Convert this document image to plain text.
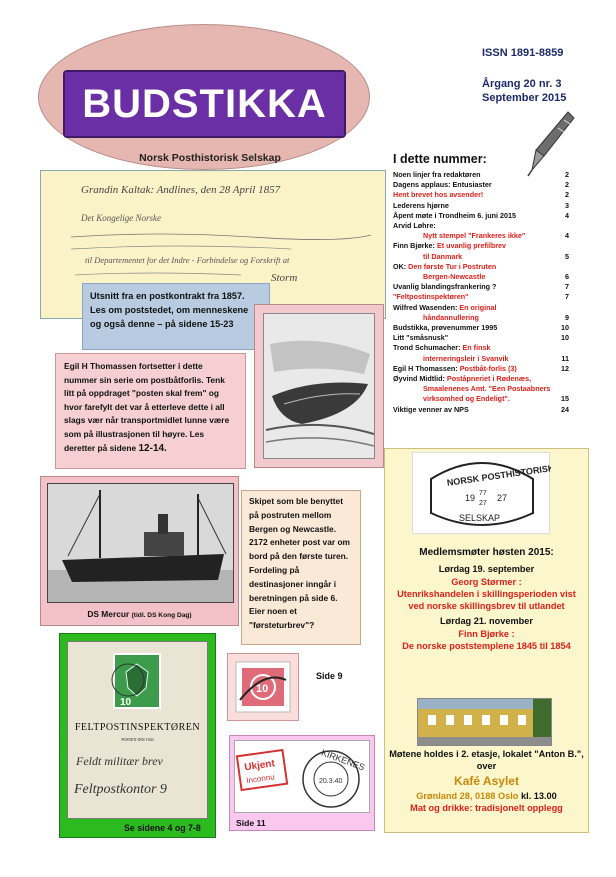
BUDSTIKKA
Norsk Posthistorisk Selskap
ISSN 1891-8859
Årgang 20 nr. 3
September 2015
I dette nummer:
Noen linjer fra redaktøren	2
Dagens applaus: Entusiaster	2
Hent brevet hos avsender!	2
Lederens hjørne	3
Åpent møte i Trondheim 6. juni 2015	4
Arvid Løhre:
Nytt stempel "Frankeres ikke"	4
Finn Bjørke: Et uvanlig prefilbrev
til Danmark	5
OK: Den første Tur i Postruten
Bergen-Newcastle	6
Uvanlig blandingsfrankering ?	7
"Feltpostinspektøren"	7
Wilfred Wasenden: En original
håndannullering	9
Budstikka, prøvenummer 1995	10
Litt "småsnusk"	10
Trond Schumacher: En finsk
interneringsleir i Svanvik	11
Egil H Thomassen: Postbåt-forlis (3)	12
Øyvind Midtlid: Poståpneriet i Rødenæs,
Smaalenenes Amt. "Een Postaabners
virksomhed og Endeligt".	15
Viktige venner av NPS	24
Grandin Kaltak: Andlines, den 28 April 1857
Det Kongelige Norske
til Departementet for det Indre - Forbindelse og Forskrift at
Storm
Utsnitt fra en postkontrakt fra 1857. Les om poststedet, om menneskene og også denne – på sidene 15-23
Egil H Thomassen fortsetter i dette nummer sin serie om postbåtforlis. Tenk litt på oppdraget "posten skal frem" og hvor farefylt det var å etterleve dette i all slags vær når transportmidlet lunne være som på illustrasjonen til høyre. Les deretter på sidene 12-14.
DS Mercur (tidl. DS Kong Dag)
Skipet som ble benyttet på postruten mellom Bergen og Newcastle. 2172 enheter post var om bord på den første turen. Fordeling på destinasjoner inngår i beretningen på side 6. Eier noen et "førsteturbrev"?
10
FELTPOSTINSPEKTØREN
POSTEN INN 1943
Feldt militær brev
Feltpostkontor 9
Se sidene 4 og 7-8
10
Side 9
Ukjent
Inconnu
KIRKENES
20.3.40
Side 11
NORSK POSTHISTORISK
19 77
27
27
SELSKAP
Medlemsmøter høsten 2015:
Lørdag 19. september
Georg Størmer :
Utenrikshandelen i skillingsperioden vist ved norske skillingsbrev til utlandet
Lørdag 21. november
Finn Bjørke :
De norske poststemplene 1845 til 1854
Møtene holdes i 2. etasje, lokalet "Anton B.", over
Kafé Asylet
Grønland 28, 0188 Oslo kl. 13.00
Mat og drikke: tradisjonelt opplegg
